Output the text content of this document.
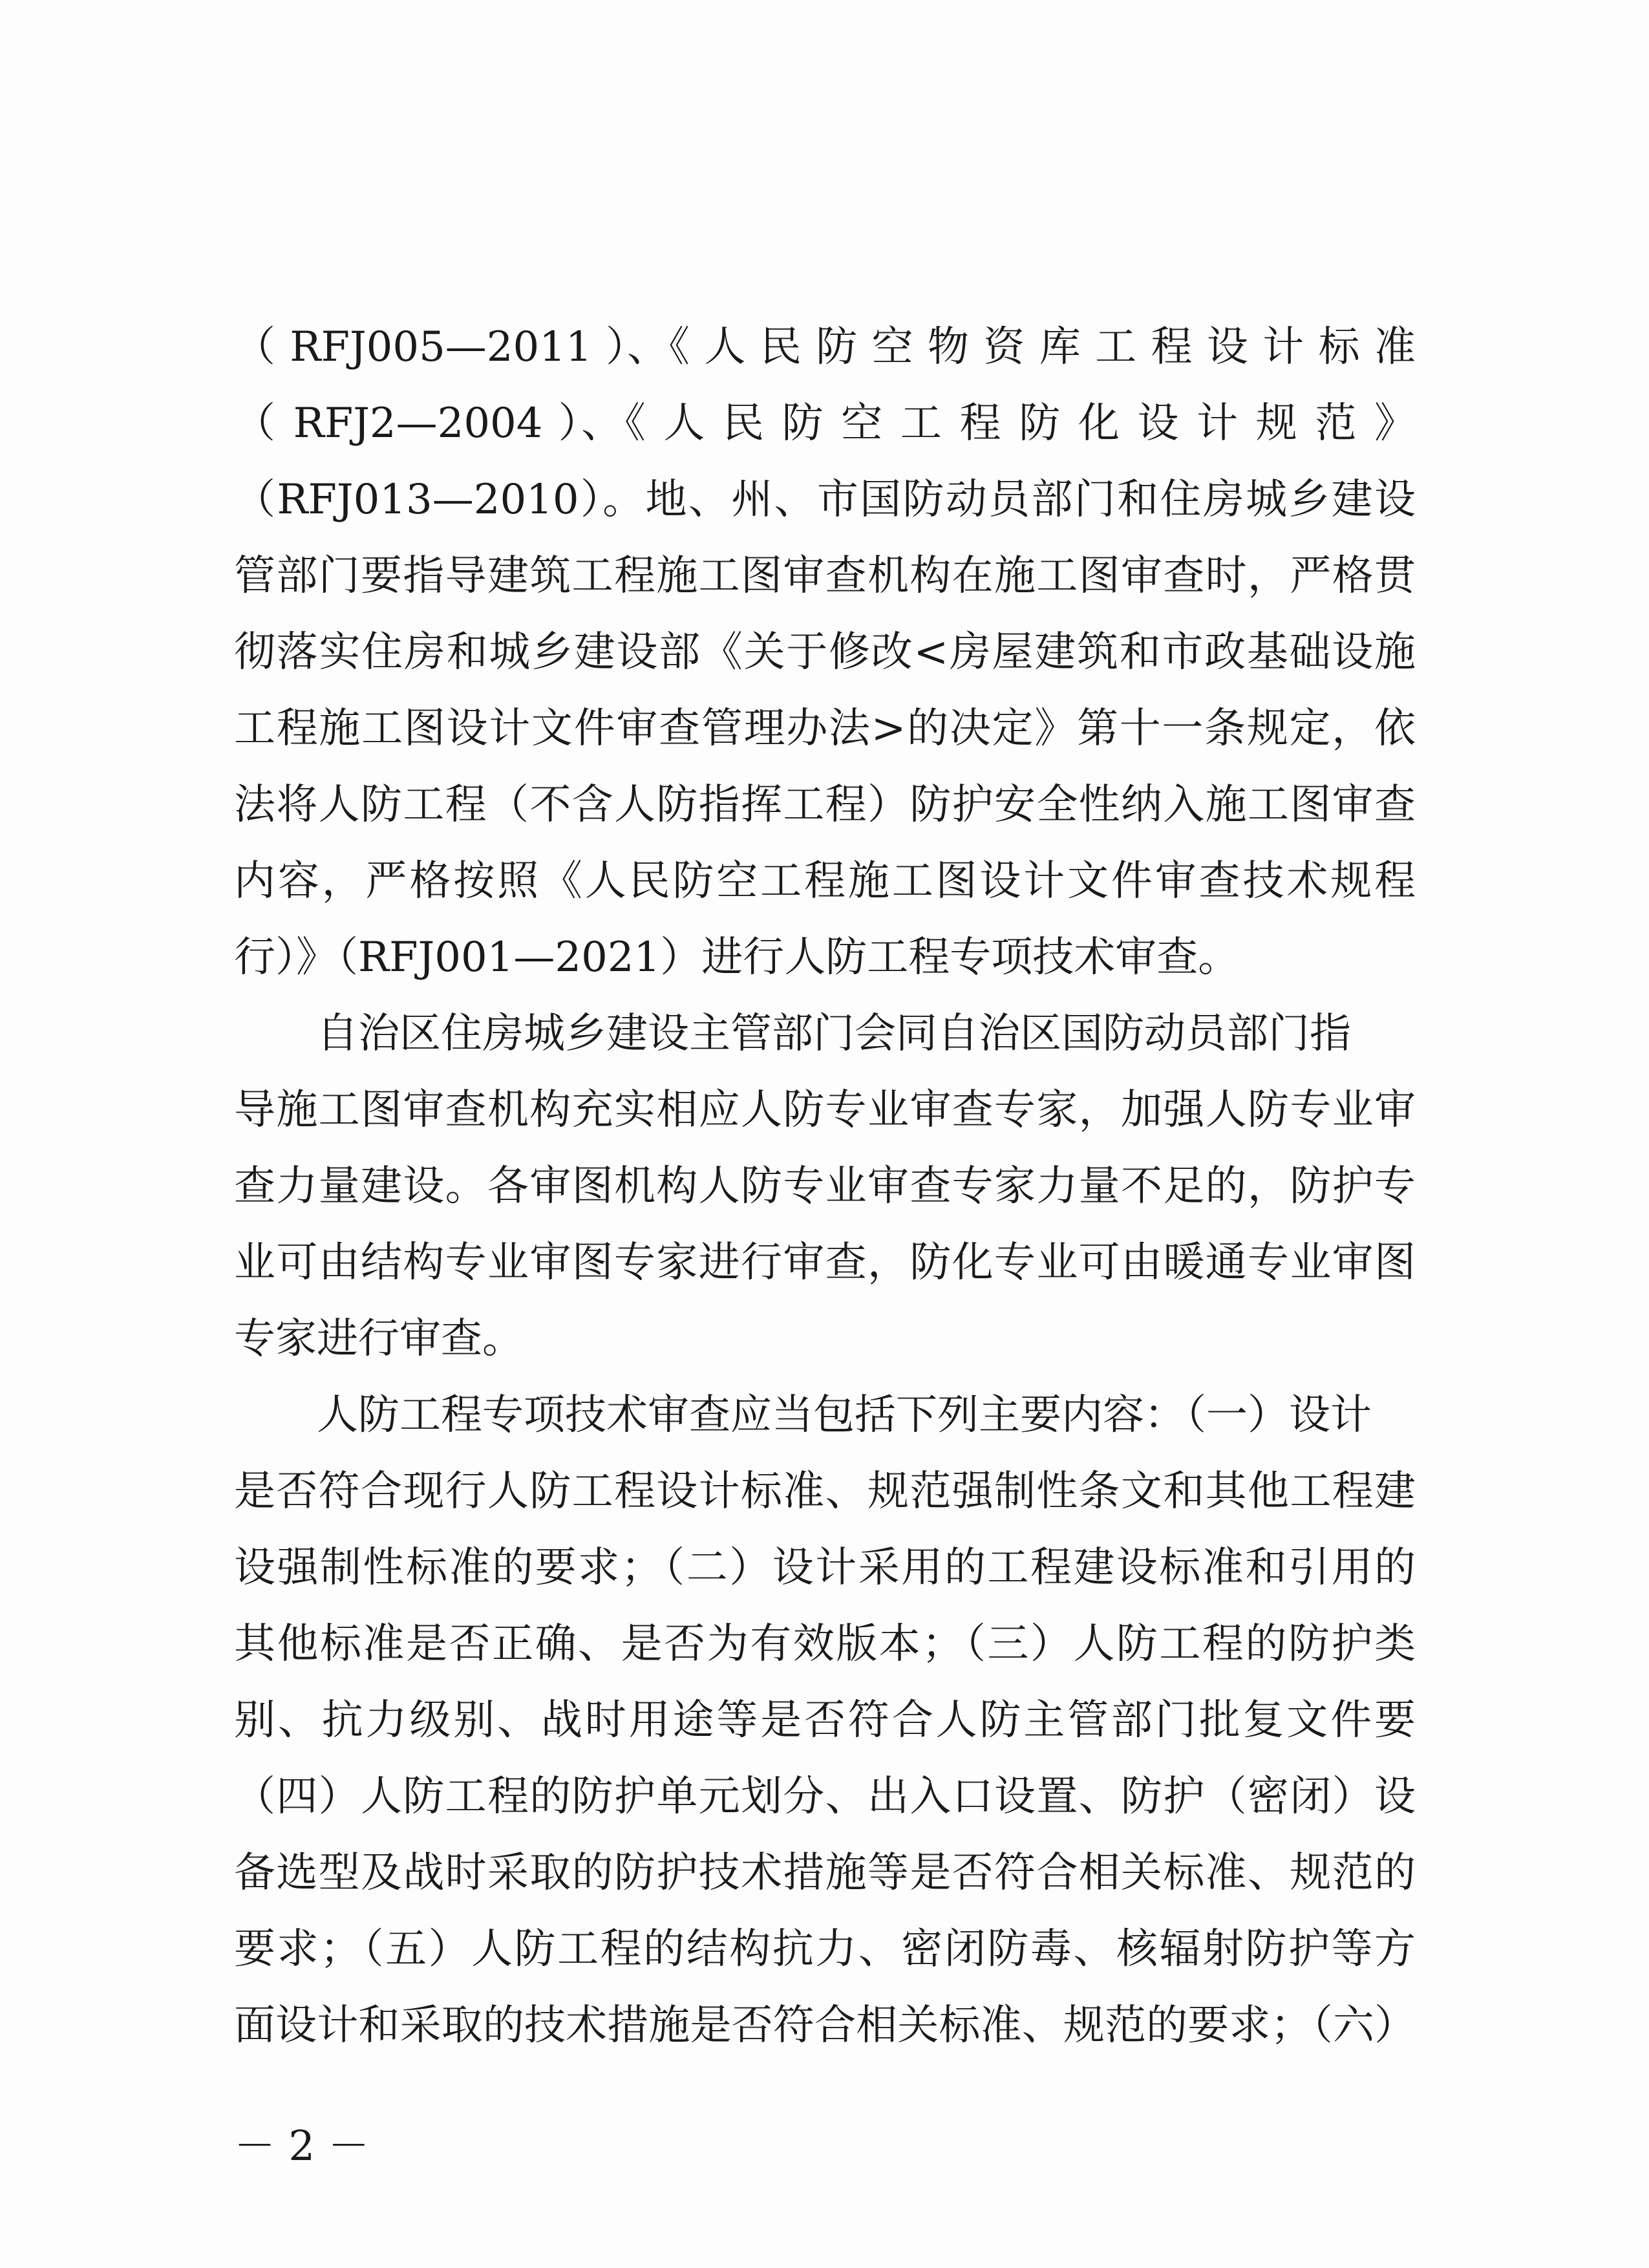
（ RFJ005—2011 ）、《 人 民 防 空 物 资 库 工 程 设 计 标 准
（ RFJ2—2004 ）、《 人 民 防 空 工 程 防 化 设 计 规 范 》
（RFJ013—2010）。地、州、市国防动员部门和住房城乡建设
管部门要指导建筑工程施工图审查机构在施工图审查时，严格贯
彻落实住房和城乡建设部《关于修改<房屋建筑和市政基础设施
工程施工图设计文件审查管理办法>的决定》第十一条规定，依
法将人防工程（不含人防指挥工程）防护安全性纳入施工图审查
内容，严格按照《人民防空工程施工图设计文件审查技术规程
行）》（RFJ001—2021）进行人防工程专项技术审查。
自治区住房城乡建设主管部门会同自治区国防动员部门指
导施工图审查机构充实相应人防专业审查专家，加强人防专业审
查力量建设。各审图机构人防专业审查专家力量不足的，防护专
业可由结构专业审图专家进行审查，防化专业可由暖通专业审图
专家进行审查。
人防工程专项技术审查应当包括下列主要内容：（一）设计
是否符合现行人防工程设计标准、规范强制性条文和其他工程建
设强制性标准的要求；（二）设计采用的工程建设标准和引用的
其他标准是否正确、是否为有效版本；（三）人防工程的防护类
别、抗力级别、战时用途等是否符合人防主管部门批复文件要
（四）人防工程的防护单元划分、出入口设置、防护（密闭）设
备选型及战时采取的防护技术措施等是否符合相关标准、规范的
要求；（五）人防工程的结构抗力、密闭防毒、核辐射防护等方
面设计和采取的技术措施是否符合相关标准、规范的要求；（六）
－ 2 －
